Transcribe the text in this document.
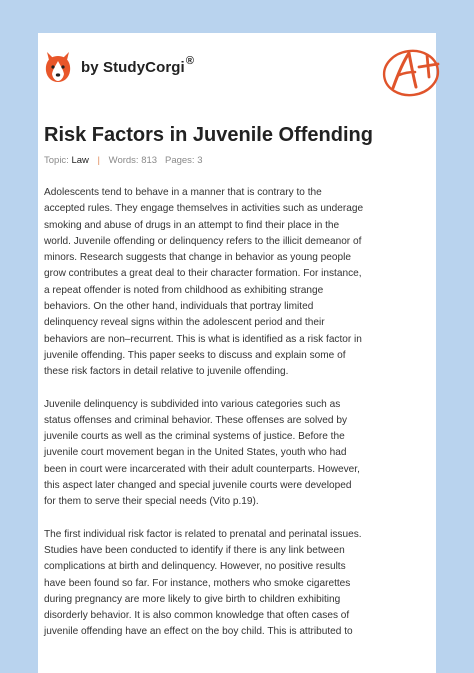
by StudyCorgi ®
Risk Factors in Juvenile Offending
Topic: Law | Words: 813 Pages: 3

Adolescents tend to behave in a manner that is contrary to the accepted rules. They engage themselves in activities such as underage smoking and abuse of drugs in an attempt to find their place in the world. Juvenile offending or delinquency refers to the illicit demeanor of minors. Research suggests that change in behavior as young people grow contributes a great deal to their character formation. For instance, a repeat offender is noted from childhood as exhibiting strange behaviors. On the other hand, individuals that portray limited delinquency reveal signs within the adolescent period and their behaviors are non–recurrent. This is what is identified as a risk factor in juvenile offending. This paper seeks to discuss and explain some of these risk factors in detail relative to juvenile offending.

Juvenile delinquency is subdivided into various categories such as status offenses and criminal behavior. These offenses are solved by juvenile courts as well as the criminal systems of justice. Before the juvenile court movement began in the United States, youth who had been in court were incarcerated with their adult counterparts. However, this aspect later changed and special juvenile courts were developed for them to serve their special needs (Vito p.19).

The first individual risk factor is related to prenatal and perinatal issues. Studies have been conducted to identify if there is any link between complications at birth and delinquency. However, no positive results have been found so far. For instance, mothers who smoke cigarettes during pregnancy are more likely to give birth to children exhibiting disorderly behavior. It is also common knowledge that often cases of juvenile offending have an effect on the boy child. This is attributed to
